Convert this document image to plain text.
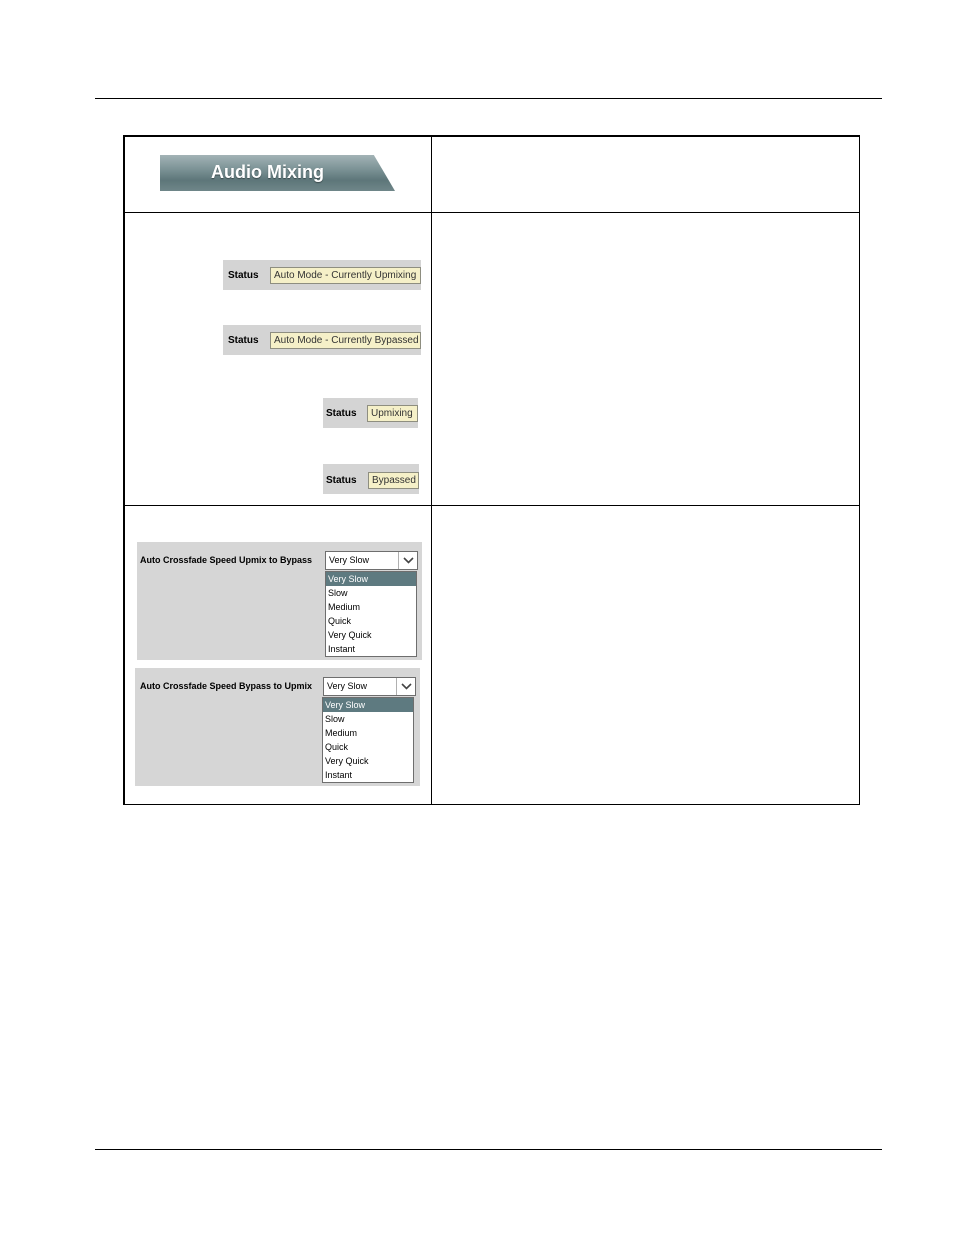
Audio Mixing
Status	Auto Mode - Currently Upmixing
Status	Auto Mode - Currently Bypassed
Status	Upmixing
Status	Bypassed
Auto Crossfade Speed Upmix to Bypass	Very Slow
Very Slow
Slow
Medium
Quick
Very Quick
Instant
Auto Crossfade Speed Bypass to Upmix	Very Slow
Very Slow
Slow
Medium
Quick
Very Quick
Instant
